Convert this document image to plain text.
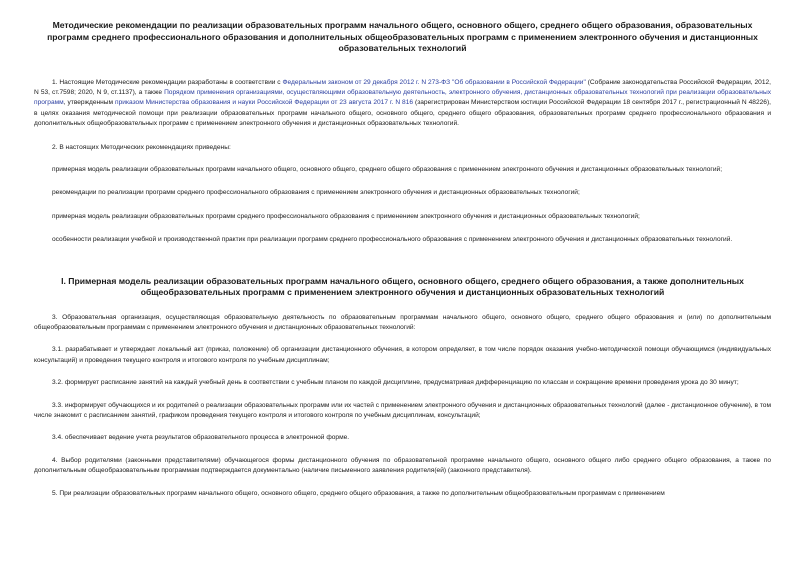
Методические рекомендации по реализации образовательных программ начального общего, основного общего, среднего общего образования, образовательных программ среднего профессионального образования и дополнительных общеобразовательных программ с применением электронного обучения и дистанционных образовательных технологий

1. Настоящие Методические рекомендации разработаны в соответствии с Федеральным законом от 29 декабря 2012 г. N 273-ФЗ "Об образовании в Российской Федерации" (Собрание законодательства Российской Федерации, 2012, N 53, ст.7598; 2020, N 9, ст.1137), а также Порядком применения организациями, осуществляющими образовательную деятельность, электронного обучения, дистанционных образовательных технологий при реализации образовательных программ, утвержденным приказом Министерства образования и науки Российской Федерации от 23 августа 2017 г. N 816 (зарегистрирован Министерством юстиции Российской Федерации 18 сентября 2017 г., регистрационный N 48226), в целях оказания методической помощи при реализации образовательных программ начального общего, основного общего, среднего общего образования, образовательных программ среднего профессионального образования и дополнительных общеобразовательных программ с применением электронного обучения и дистанционных образовательных технологий.

2. В настоящих Методических рекомендациях приведены:

примерная модель реализации образовательных программ начального общего, основного общего, среднего общего образования с применением электронного обучения и дистанционных образовательных технологий;

рекомендации по реализации программ среднего профессионального образования с применением электронного обучения и дистанционных образовательных технологий;

примерная модель реализации образовательных программ среднего профессионального образования с применением электронного обучения и дистанционных образовательных технологий;

особенности реализации учебной и производственной практик при реализации программ среднего профессионального образования с применением электронного обучения и дистанционных образовательных технологий.

I. Примерная модель реализации образовательных программ начального общего, основного общего, среднего общего образования, а также дополнительных общеобразовательных программ с применением электронного обучения и дистанционных образовательных технологий

3. Образовательная организация, осуществляющая образовательную деятельность по образовательным программам начального общего, основного общего, среднего общего образования и (или) по дополнительным общеобразовательным программам с применением электронного обучения и дистанционных образовательных технологий:

3.1. разрабатывает и утверждает локальный акт (приказ, положение) об организации дистанционного обучения, в котором определяет, в том числе порядок оказания учебно-методической помощи обучающимся (индивидуальных консультаций) и проведения текущего контроля и итогового контроля по учебным дисциплинам;

3.2. формирует расписание занятий на каждый учебный день в соответствии с учебным планом по каждой дисциплине, предусматривая дифференциацию по классам и сокращение времени проведения урока до 30 минут;

3.3. информирует обучающихся и их родителей о реализации образовательных программ или их частей с применением электронного обучения и дистанционных образовательных технологий (далее - дистанционное обучение), в том числе знакомит с расписанием занятий, графиком проведения текущего контроля и итогового контроля по учебным дисциплинам, консультаций;

3.4. обеспечивает ведение учета результатов образовательного процесса в электронной форме.

4. Выбор родителями (законными представителями) обучающегося формы дистанционного обучения по образовательной программе начального общего, основного общего либо среднего общего образования, а также по дополнительным общеобразовательным программам подтверждается документально (наличие письменного заявления родителя(ей) (законного представителя).

5. При реализации образовательных программ начального общего, основного общего, среднего общего образования, а также по дополнительным общеобразовательным программам с применением
